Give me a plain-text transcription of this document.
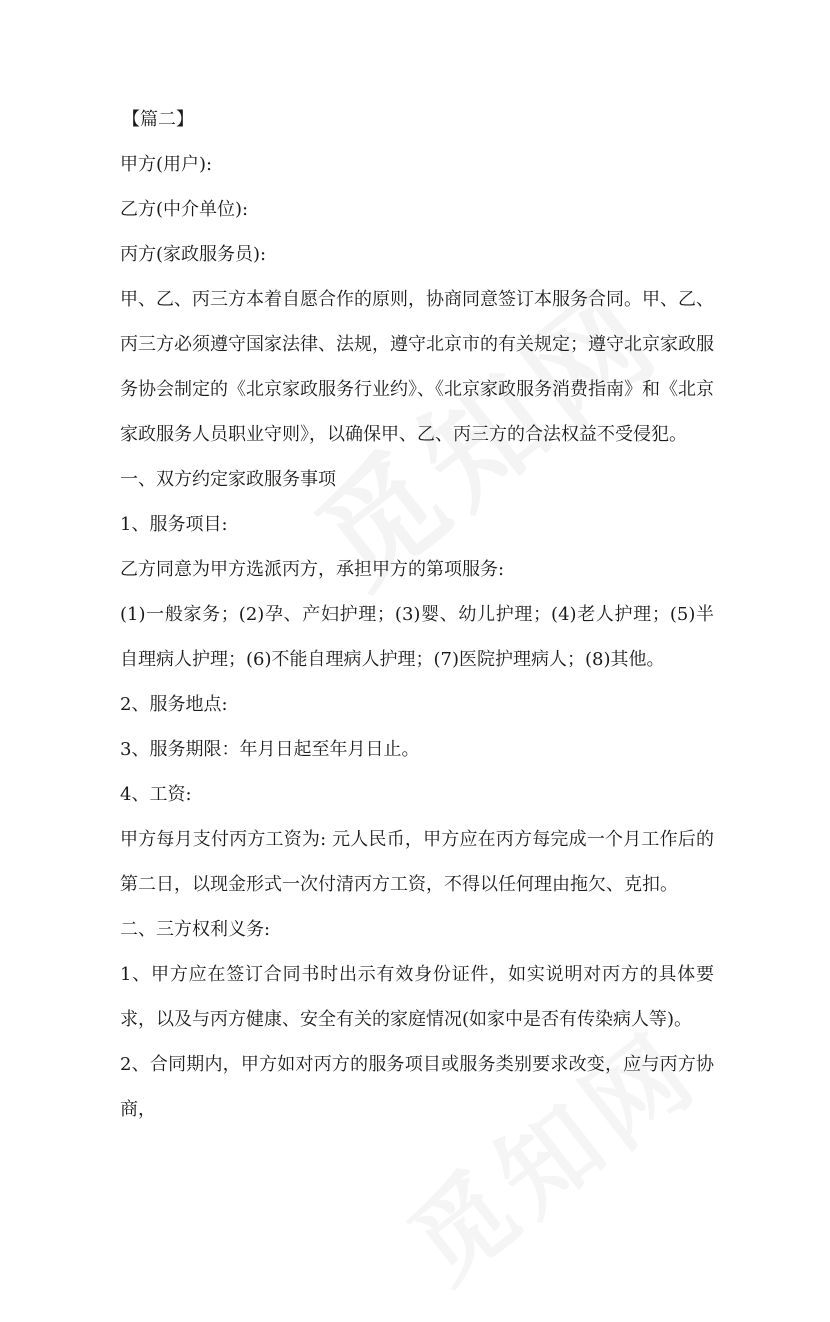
【篇二】

甲方(用户):

乙方(中介单位):

丙方(家政服务员):

甲、乙、丙三方本着自愿合作的原则，协商同意签订本服务合同。甲、乙、丙三方必须遵守国家法律、法规，遵守北京市的有关规定；遵守北京家政服务协会制定的《北京家政服务行业约》、《北京家政服务消费指南》和《北京家政服务人员职业守则》，以确保甲、乙、丙三方的合法权益不受侵犯。

一、双方约定家政服务事项

1、服务项目:

乙方同意为甲方选派丙方，承担甲方的第项服务:

(1)一般家务；(2)孕、产妇护理；(3)婴、幼儿护理；(4)老人护理；(5)半自理病人护理；(6)不能自理病人护理；(7)医院护理病人；(8)其他。

2、服务地点:

3、服务期限：年月日起至年月日止。

4、工资:

甲方每月支付丙方工资为: 元人民币，甲方应在丙方每完成一个月工作后的第二日，以现金形式一次付清丙方工资，不得以任何理由拖欠、克扣。

二、三方权利义务:

1、甲方应在签订合同书时出示有效身份证件，如实说明对丙方的具体要求，以及与丙方健康、安全有关的家庭情况(如家中是否有传染病人等)。

2、合同期内，甲方如对丙方的服务项目或服务类别要求改变，应与丙方协商，
